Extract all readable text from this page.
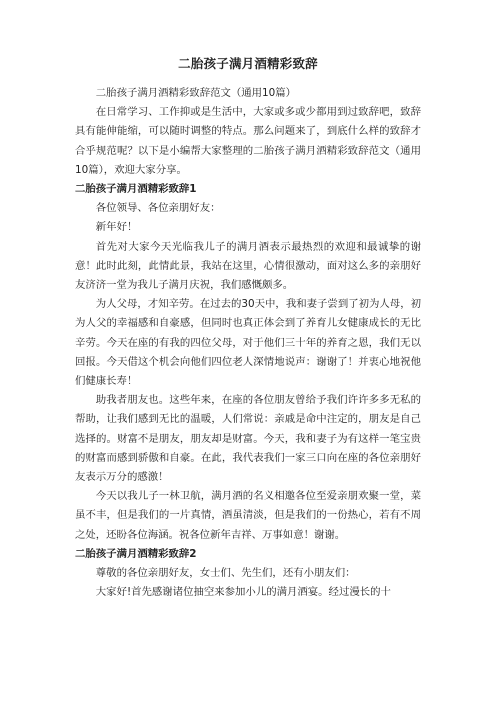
二胎孩子满月酒精彩致辞

二胎孩子满月酒精彩致辞范文（通用10篇）

在日常学习、工作抑或是生活中，大家或多或少都用到过致辞吧，致辞具有能伸能缩，可以随时调整的特点。那么问题来了，到底什么样的致辞才合乎规范呢？以下是小编帮大家整理的二胎孩子满月酒精彩致辞范文（通用10篇），欢迎大家分享。

二胎孩子满月酒精彩致辞1

各位领导、各位亲朋好友：

新年好！

首先对大家今天光临我儿子的满月酒表示最热烈的欢迎和最诚挚的谢意！此时此刻，此情此景，我站在这里，心情很激动，面对这么多的亲朋好友济济一堂为我儿子满月庆祝，我们感慨颇多。

为人父母，才知辛劳。在过去的30天中，我和妻子尝到了初为人母，初为人父的幸福感和自豪感，但同时也真正体会到了养育儿女健康成长的无比辛劳。今天在座的有我的四位父母，对于他们三十年的养育之恩，我们无以回报。今天借这个机会向他们四位老人深情地说声：谢谢了！并衷心地祝他们健康长寿！

助我者朋友也。这些年来，在座的各位朋友曾给予我们许许多多无私的帮助，让我们感到无比的温暖，人们常说：亲戚是命中注定的，朋友是自己选择的。财富不是朋友，朋友却是财富。今天，我和妻子为有这样一笔宝贵的财富而感到骄傲和自豪。在此，我代表我们一家三口向在座的各位亲朋好友表示万分的感激！

今天以我儿子一林卫航，满月酒的名义相邀各位至爱亲朋欢聚一堂，菜虽不丰，但是我们的一片真情，酒虽清淡，但是我们的一份热心，若有不周之处，还盼各位海涵。祝各位新年吉祥、万事如意！谢谢。

二胎孩子满月酒精彩致辞2

尊敬的各位亲朋好友，女士们、先生们，还有小朋友们：

大家好!首先感谢诸位抽空来参加小儿的满月酒宴。经过漫长的十
